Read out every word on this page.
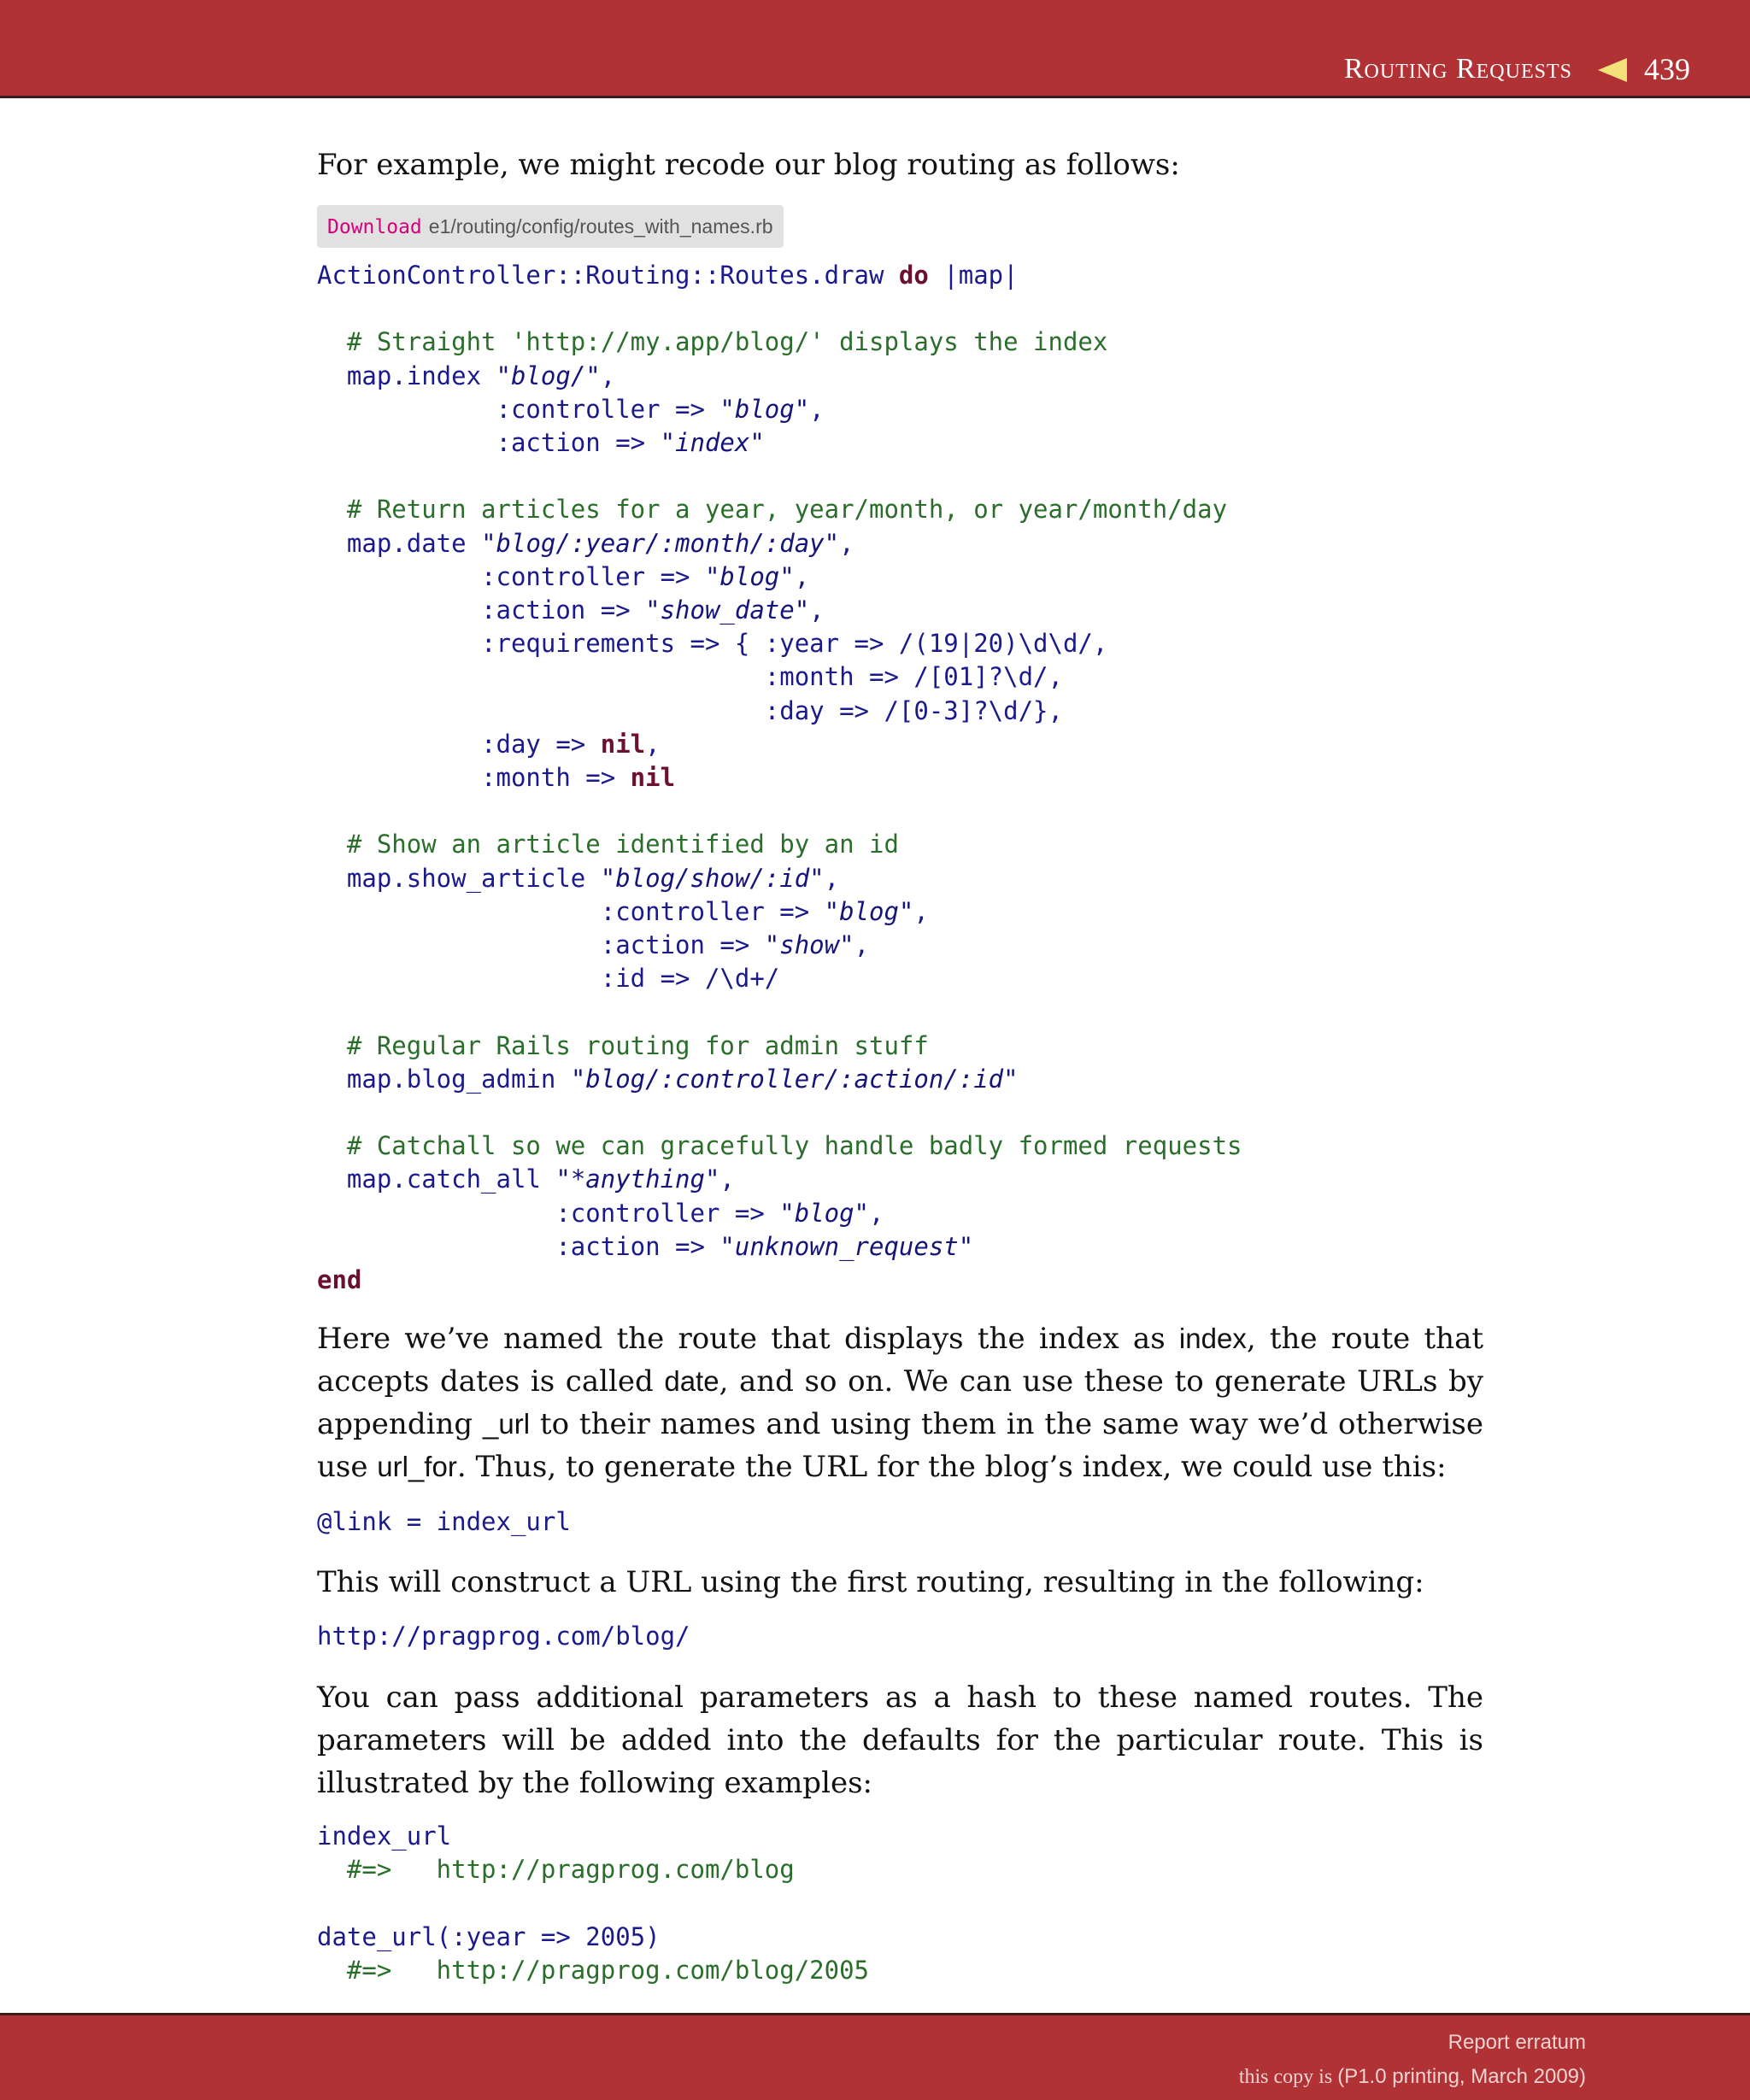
Routing Requests 439

For example, we might recode our blog routing as follows:

Download e1/routing/config/routes_with_names.rb
ActionController::Routing::Routes.draw do |map|

# Straight 'http://my.app/blog/' displays the index
map.index "blog/",
:controller => "blog",
:action => "index"

# Return articles for a year, year/month, or year/month/day
map.date "blog/:year/:month/:day",
:controller => "blog",
:action => "show_date",
:requirements => { :year => /(19|20)\d\d/,
:month => /[01]?\d/,
:day => /[0-3]?\d/},
:day => nil,
:month => nil

# Show an article identified by an id
map.show_article "blog/show/:id",
:controller => "blog",
:action => "show",
:id => /\d+/

# Regular Rails routing for admin stuff
map.blog_admin "blog/:controller/:action/:id"

# Catchall so we can gracefully handle badly formed requests
map.catch_all "*anything",
:controller => "blog",
:action => "unknown_request"
end

Here we’ve named the route that displays the index as index, the route that accepts dates is called date, and so on. We can use these to generate URLs by appending _url to their names and using them in the same way we’d otherwise use url_for. Thus, to generate the URL for the blog’s index, we could use this:

@link = index_url

This will construct a URL using the first routing, resulting in the following:

http://pragprog.com/blog/

You can pass additional parameters as a hash to these named routes. The parameters will be added into the defaults for the particular route. This is illustrated by the following examples:

index_url
#=>   http://pragprog.com/blog

date_url(:year => 2005)
#=>   http://pragprog.com/blog/2005
Report erratum
this copy is (P1.0 printing, March 2009)
